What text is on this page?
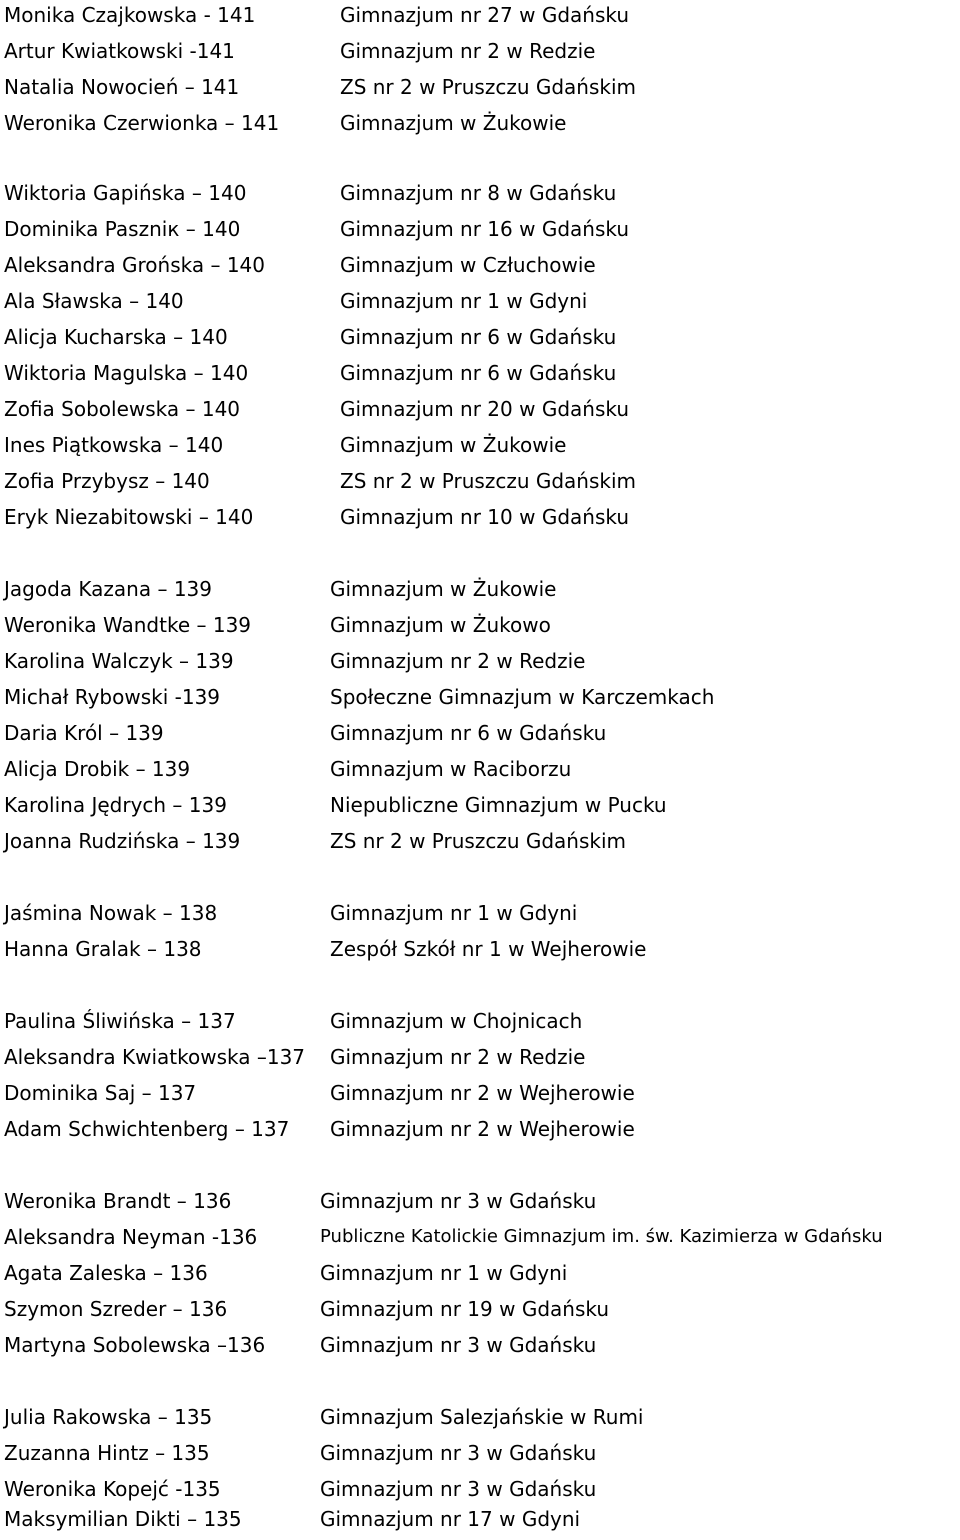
Monika Czajkowska - 141	Gimnazjum nr 27 w Gdańsku
Artur Kwiatkowski -141	Gimnazjum nr 2 w Redzie
Natalia Nowocień – 141	ZS nr 2 w Pruszczu Gdańskim
Weronika Czerwionka – 141	Gimnazjum w Żukowie
Wiktoria Gapińska – 140	Gimnazjum nr 8 w Gdańsku
Dominika Paszniк – 140	Gimnazjum nr 16 w Gdańsku
Aleksandra Grońska – 140	Gimnazjum w Człuchowie
Ala Sławska – 140	Gimnazjum nr 1 w Gdyni
Alicja Kucharska – 140	Gimnazjum nr 6 w Gdańsku
Wiktoria Magulska – 140	Gimnazjum nr 6 w Gdańsku
Zofia Sobolewska – 140	Gimnazjum nr 20 w Gdańsku
Ines Piątkowska – 140	Gimnazjum w Żukowie
Zofia Przybysz – 140	ZS nr 2 w Pruszczu Gdańskim
Eryk Niezabitowski – 140	Gimnazjum nr 10 w Gdańsku
Jagoda Kazana – 139	Gimnazjum w Żukowie
Weronika Wandtke – 139	Gimnazjum w Żukowo
Karolina Walczyk – 139	Gimnazjum nr 2 w Redzie
Michał Rybowski -139	Społeczne Gimnazjum w Karczemkach
Daria Król – 139	Gimnazjum nr 6 w Gdańsku
Alicja Drobik – 139	Gimnazjum w Raciborzu
Karolina Jędrych – 139	Niepubliczne Gimnazjum w Pucku
Joanna Rudzińska – 139	ZS nr 2 w Pruszczu Gdańskim
Jaśmina Nowak – 138	Gimnazjum nr 1 w Gdyni
Hanna Gralak – 138	Zespół Szkół nr 1 w Wejherowie
Paulina Śliwińska – 137	Gimnazjum w Chojnicach
Aleksandra Kwiatkowska –137 Gimnazjum nr 2 w Redzie
Dominika Saj – 137	Gimnazjum nr 2 w Wejherowie
Adam Schwichtenberg – 137 Gimnazjum nr 2 w Wejherowie
Weronika Brandt – 136	Gimnazjum nr 3 w Gdańsku
Aleksandra Neyman -136	Publiczne Katolickie Gimnazjum im. św. Kazimierza w Gdańsku
Agata Zaleska – 136	Gimnazjum nr 1 w Gdyni
Szymon Szreder – 136	Gimnazjum nr 19 w Gdańsku
Martyna Sobolewska –136	Gimnazjum nr 3 w Gdańsku
Julia Rakowska – 135	Gimnazjum Salezjańskie w Rumi
Zuzanna Hintz – 135	Gimnazjum nr 3 w Gdańsku
Weronika Kopejć -135	Gimnazjum nr 3 w Gdańsku
Maksymilian Dikti – 135	Gimnazjum nr 17 w Gdyni
